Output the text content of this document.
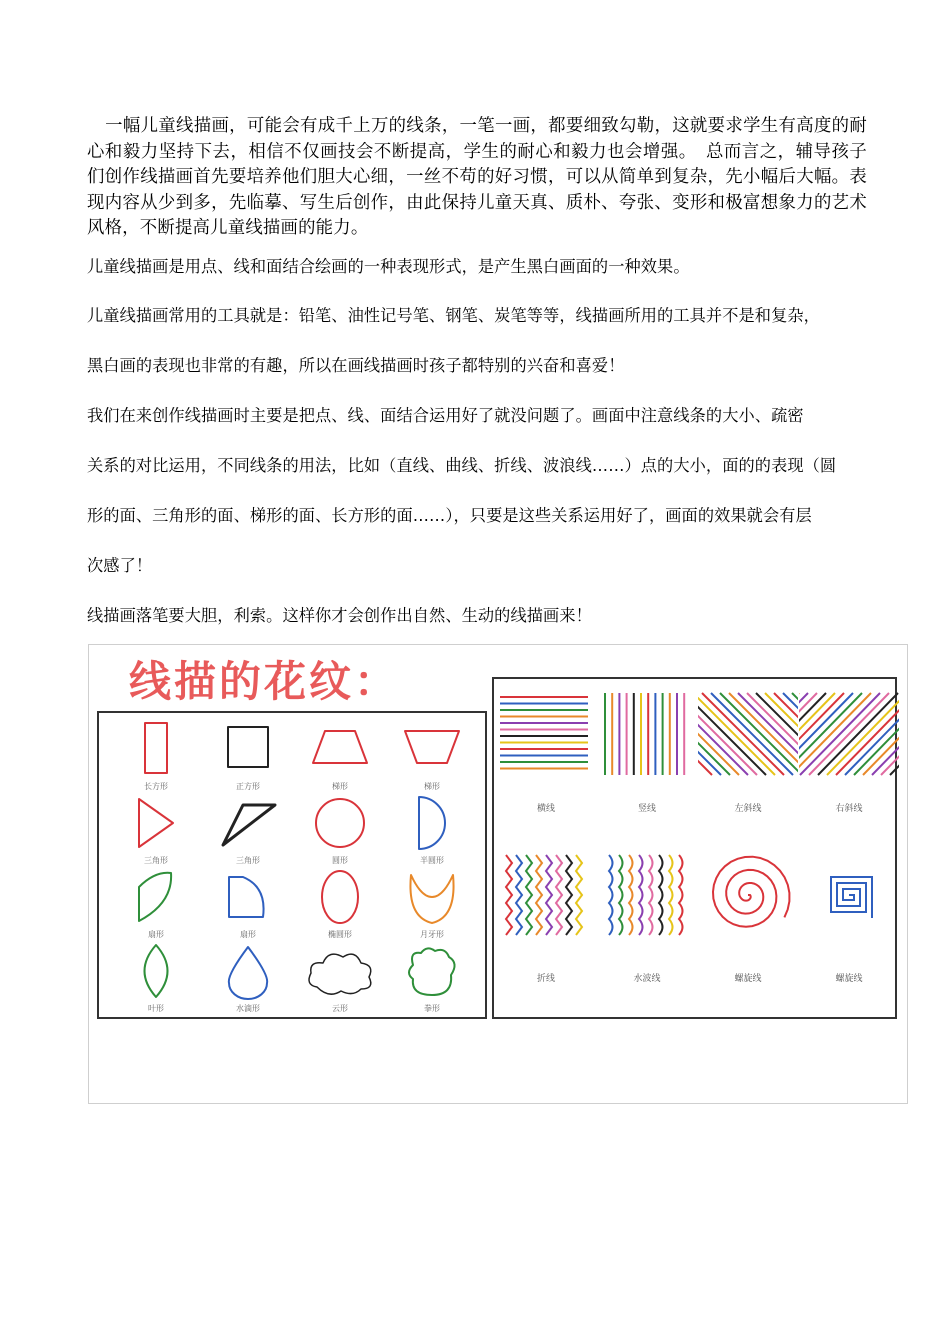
一幅儿童线描画，可能会有成千上万的线条，一笔一画，都要细致勾勒，这就要求学生有高度的耐心和毅力坚持下去，相信不仅画技会不断提高，学生的耐心和毅力也会增强。　总而言之，辅导孩子们创作线描画首先要培养他们胆大心细，一丝不苟的好习惯，可以从简单到复杂，先小幅后大幅。表现内容从少到多，先临摹、写生后创作，由此保持儿童天真、质朴、夸张、变形和极富想象力的艺术风格，不断提高儿童线描画的能力。
儿童线描画是用点、线和面结合绘画的一种表现形式，是产生黑白画面的一种效果。
儿童线描画常用的工具就是：铅笔、油性记号笔、钢笔、炭笔等等，线描画所用的工具并不是和复杂，
黑白画的表现也非常的有趣，所以在画线描画时孩子都特别的兴奋和喜爱！
我们在来创作线描画时主要是把点、线、面结合运用好了就没问题了。画面中注意线条的大小、疏密
关系的对比运用，不同线条的用法，比如（直线、曲线、折线、波浪线……）点的大小，面的的表现（圆
形的面、三角形的面、梯形的面、长方形的面……），只要是这些关系运用好了，画面的效果就会有层
次感了！
线描画落笔要大胆，利索。这样你才会创作出自然、生动的线描画来！
线描的花纹：
长方形	正方形	梯形	梯形
三角形	三角形	圆形	半圆形
扇形	扇形	椭圆形	月牙形
叶形	水滴形	云形	拳形
横线	竖线	左斜线	右斜线
折线	水波线	螺旋线	螺旋线
